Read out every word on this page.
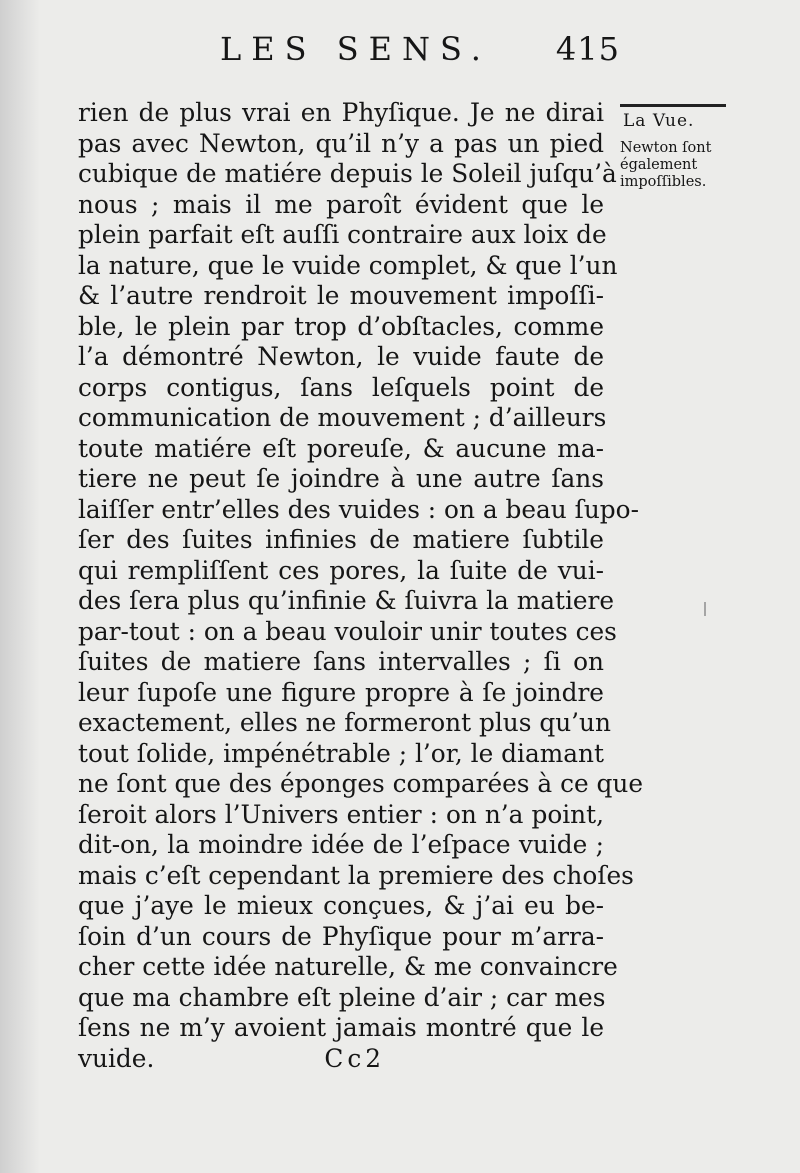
LES SENS. 415
La Vue.
Newton ſont
également
impoſſibles.
rien de plus vrai en Phyſique. Je ne dirai
pas avec Newton, qu’il n’y a pas un pied
cubique de matiére depuis le Soleil juſqu’à
nous ; mais il me paroît évident que le
plein parfait eſt auſſi contraire aux loix de
la nature, que le vuide complet, & que l’un
& l’autre rendroit le mouvement impoſſi-
ble, le plein par trop d’obſtacles, comme
l’a démontré Newton, le vuide faute de
corps contigus, ſans leſquels point de
communication de mouvement ; d’ailleurs
toute matiére eſt poreuſe, & aucune ma-
tiere ne peut ſe joindre à une autre ſans
laiſſer entr’elles des vuides : on a beau ſupo-
ſer des ſuites infinies de matiere ſubtile
qui rempliſſent ces pores, la ſuite de vui-
des ſera plus qu’infinie & ſuivra la matiere
par-tout : on a beau vouloir unir toutes ces
ſuites de matiere ſans intervalles ; ſi on
leur ſupoſe une figure propre à ſe joindre
exactement, elles ne formeront plus qu’un
tout ſolide, impénétrable ; l’or, le diamant
ne ſont que des éponges comparées à ce que
ſeroit alors l’Univers entier : on n’a point,
dit-on, la moindre idée de l’eſpace vuide ;
mais c’eſt cependant la premiere des choſes
que j’aye le mieux conçues, & j’ai eu be-
ſoin d’un cours de Phyſique pour m’arra-
cher cette idée naturelle, & me convaincre
que ma chambre eſt pleine d’air ; car mes
ſens ne m’y avoient jamais montré que le
vuide.	Cc2
